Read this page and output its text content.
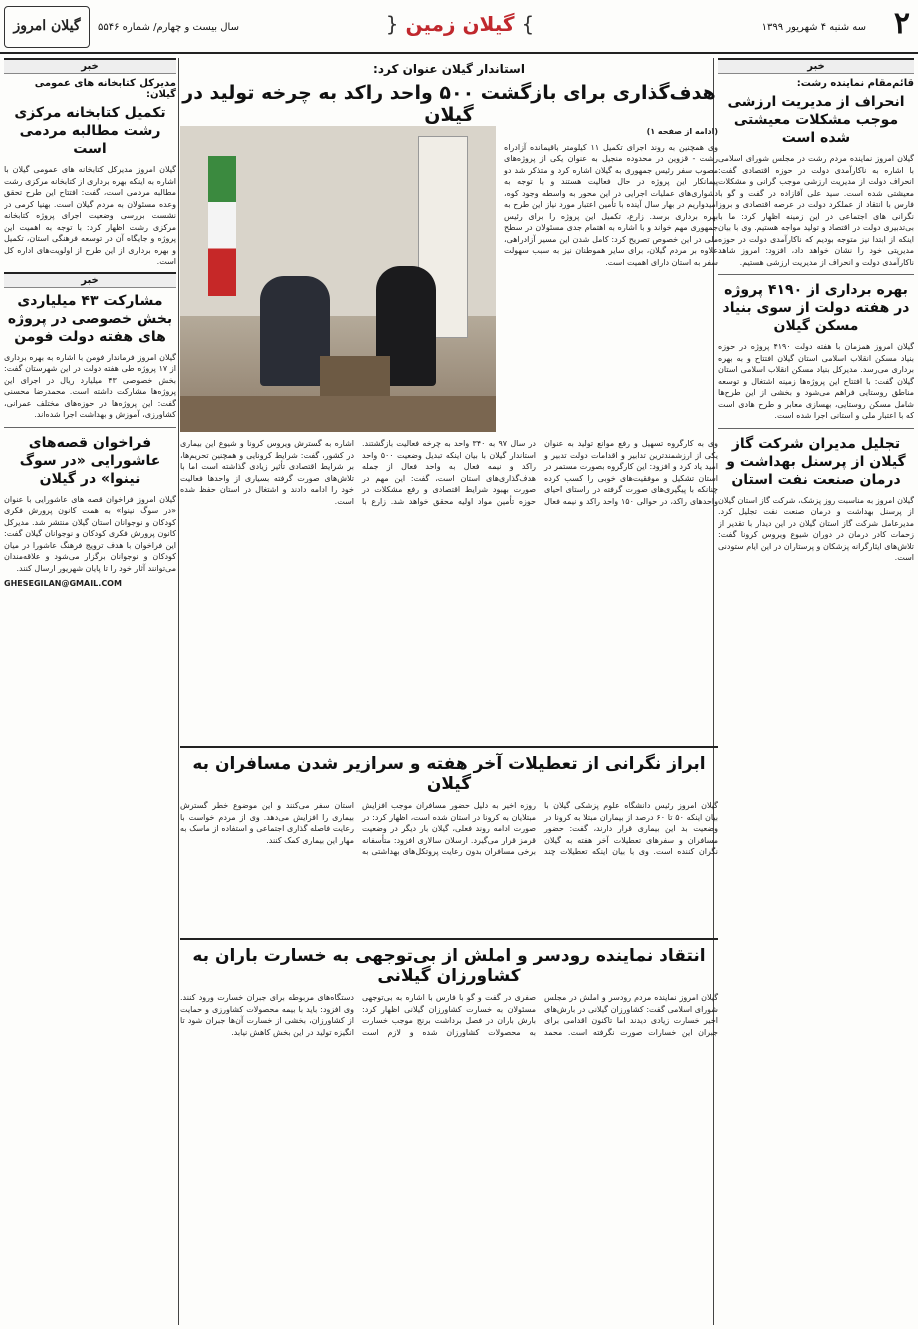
۲
سه شنبه ۴ شهریور ۱۳۹۹
} گیلان زمین {
سال بیست و چهارم/ شماره ۵۵۴۶
گیلان امروز
خبر
قائم‌مقام نماینده رشت:
انحراف از مدیریت ارزشی موجب مشکلات معیشتی شده است

گیلان امروز نماینده مردم رشت در مجلس شورای اسلامی با اشاره به ناکارآمدی دولت در حوزه اقتصادی گفت: انحراف دولت از مدیریت ارزشی موجب گرانی و مشکلات معیشتی شده است. سید علی آقازاده در گفت و گو با فارس با انتقاد از عملکرد دولت در عرصه اقتصادی و بروز نگرانی های اجتماعی در این زمینه اظهار کرد: ما با بی‌تدبیری دولت در اقتصاد و تولید مواجه هستیم. وی با بیان اینکه از ابتدا نیز متوجه بودیم که ناکارآمدی دولت در حوزه مدیریتی خود را نشان خواهد داد، افزود: امروز شاهد ناکارآمدی دولت و انحراف از مدیریت ارزشی هستیم.

بهره برداری از ۴۱۹۰ پروژه در هفته دولت از سوی بنیاد مسکن گیلان

گیلان امروز همزمان با هفته دولت ۴۱۹۰ پروژه در حوزه بنیاد مسکن انقلاب اسلامی استان گیلان افتتاح و به بهره برداری می‌رسد. مدیرکل بنیاد مسکن انقلاب اسلامی استان گیلان گفت: با افتتاح این پروژه‌ها زمینه اشتغال و توسعه مناطق روستایی فراهم می‌شود و بخشی از این طرح‌ها شامل مسکن روستایی، بهسازی معابر و طرح هادی است که با اعتبار ملی و استانی اجرا شده است.

تجلیل مدیران شرکت گاز گیلان از پرسنل بهداشت و درمان صنعت نفت استان

گیلان امروز به مناسبت روز پزشک، شرکت گاز استان گیلان از پرسنل بهداشت و درمان صنعت نفت تجلیل کرد. مدیرعامل شرکت گاز استان گیلان در این دیدار با تقدیر از زحمات کادر درمان در دوران شیوع ویروس کرونا گفت: تلاش‌های ایثارگرانه پزشکان و پرستاران در این ایام ستودنی است.

خبر
مدیرکل کتابخانه های عمومی گیلان:
تکمیل کتابخانه مرکزی رشت مطالبه مردمی است

گیلان امروز مدیرکل کتابخانه های عمومی گیلان با اشاره به اینکه بهره برداری از کتابخانه مرکزی رشت مطالبه مردمی است، گفت: افتتاح این طرح تحقق وعده مسئولان به مردم گیلان است. بهنیا کرمی در نشست بررسی وضعیت اجرای پروژه کتابخانه مرکزی رشت اظهار کرد: با توجه به اهمیت این پروژه و جایگاه آن در توسعه فرهنگی استان، تکمیل و بهره برداری از این طرح از اولویت‌های اداره کل است.

خبر
مشارکت ۴۳ میلیاردی بخش خصوصی در پروژه های هفته دولت فومن

گیلان امروز فرماندار فومن با اشاره به بهره برداری از ۱۷ پروژه طی هفته دولت در این شهرستان گفت: بخش خصوصی ۴۳ میلیارد ریال در اجرای این پروژه‌ها مشارکت داشته است. محمدرضا محسنی گفت: این پروژه‌ها در حوزه‌های مختلف عمرانی، کشاورزی، آموزش و بهداشت اجرا شده‌اند.

فراخوان قصه‌های عاشورایی «در سوگ نینوا» در گیلان

گیلان امروز فراخوان قصه های عاشورایی با عنوان «در سوگ نینوا» به همت کانون پرورش فکری کودکان و نوجوانان استان گیلان منتشر شد. مدیرکل کانون پرورش فکری کودکان و نوجوانان گیلان گفت: این فراخوان با هدف ترویج فرهنگ عاشورا در میان کودکان و نوجوانان برگزار می‌شود و علاقه‌مندان می‌توانند آثار خود را تا پایان شهریور ارسال کنند.

GHESEGILAN@GMAIL.COM

استاندار گیلان عنوان کرد:
هدف‌گذاری برای بازگشت ۵۰۰ واحد راکد به چرخه تولید در گیلان

(ادامه از صفحه ۱)

وی همچنین به روند اجرای تکمیل ۱۱ کیلومتر باقیمانده آزادراه رشت - قزوین در محدوده منجیل به عنوان یکی از پروژه‌های مصوب سفر رئیس جمهوری به گیلان اشاره کرد و متذکر شد دو پیمانکار این پروژه در حال فعالیت هستند و با توجه به دشواری‌های عملیات اجرایی در این محور به واسطه وجود کوه، امیدواریم در بهار سال آینده با تأمین اعتبار مورد نیاز این طرح به بهره برداری برسد. زارع، تکمیل این پروژه را برای رئیس جمهوری مهم خواند و با اشاره به اهتمام جدی مسئولان در سطح ملی در این خصوص تصریح کرد: کامل شدن این مسیر آزادراهی، علاوه بر مردم گیلان، برای سایر هموطنان نیز به سبب سهولت سفر به استان دارای اهمیت است.

وی به کارگروه تسهیل و رفع موانع تولید به عنوان یکی از ارزشمندترین تدابیر و اقدامات دولت تدبیر و امید یاد کرد و افزود: این کارگروه بصورت مستمر در استان تشکیل و موفقیت‌های خوبی را کسب کرده چنانکه با پیگیری‌های صورت گرفته در راستای احیای واحدهای راکد، در حوالی ۱۵۰ واحد راکد و نیمه فعال در سال ۹۷ به ۳۴۰ واحد به چرخه فعالیت بازگشتند. استاندار گیلان با بیان اینکه تبدیل وضعیت ۵۰۰ واحد راکد و نیمه فعال به واحد فعال از جمله هدف‌گذاری‌های استان است، گفت: این مهم در صورت بهبود شرایط اقتصادی و رفع مشکلات در حوزه تأمین مواد اولیه محقق خواهد شد. زارع با اشاره به گسترش ویروس کرونا و شیوع این بیماری در کشور، گفت: شرایط کرونایی و همچنین تحریم‌ها، بر شرایط اقتصادی تأثیر زیادی گذاشته است اما با تلاش‌های صورت گرفته بسیاری از واحدها فعالیت خود را ادامه دادند و اشتغال در استان حفظ شده است.

ابراز نگرانی از تعطیلات آخر هفته و سرازیر شدن مسافران به گیلان

گیلان امروز رئیس دانشگاه علوم پزشکی گیلان با بیان اینکه ۵۰ تا ۶۰ درصد از بیماران مبتلا به کرونا در وضعیت بد این بیماری قرار دارند، گفت: حضور مسافران و سفرهای تعطیلات آخر هفته به گیلان نگران کننده است. وی با بیان اینکه تعطیلات چند روزه اخیر به دلیل حضور مسافران موجب افزایش مبتلایان به کرونا در استان شده است، اظهار کرد: در صورت ادامه روند فعلی، گیلان بار دیگر در وضعیت قرمز قرار می‌گیرد. ارسلان سالاری افزود: متأسفانه برخی مسافران بدون رعایت پروتکل‌های بهداشتی به استان سفر می‌کنند و این موضوع خطر گسترش بیماری را افزایش می‌دهد. وی از مردم خواست با رعایت فاصله گذاری اجتماعی و استفاده از ماسک به مهار این بیماری کمک کنند.

انتقاد نماینده رودسر و املش از بی‌توجهی به خسارت باران به کشاورزان گیلانی

گیلان امروز نماینده مردم رودسر و املش در مجلس شورای اسلامی گفت: کشاورزان گیلانی در بارش‌های اخیر خسارت زیادی دیدند اما تاکنون اقدامی برای جبران این خسارات صورت نگرفته است. محمد صفری در گفت و گو با فارس با اشاره به بی‌توجهی مسئولان به خسارت کشاورزان گیلانی اظهار کرد: بارش باران در فصل برداشت برنج موجب خسارت به محصولات کشاورزان شده و لازم است دستگاه‌های مربوطه برای جبران خسارت ورود کنند. وی افزود: باید با بیمه محصولات کشاورزی و حمایت از کشاورزان، بخشی از خسارت آن‌ها جبران شود تا انگیزه تولید در این بخش کاهش نیابد.
